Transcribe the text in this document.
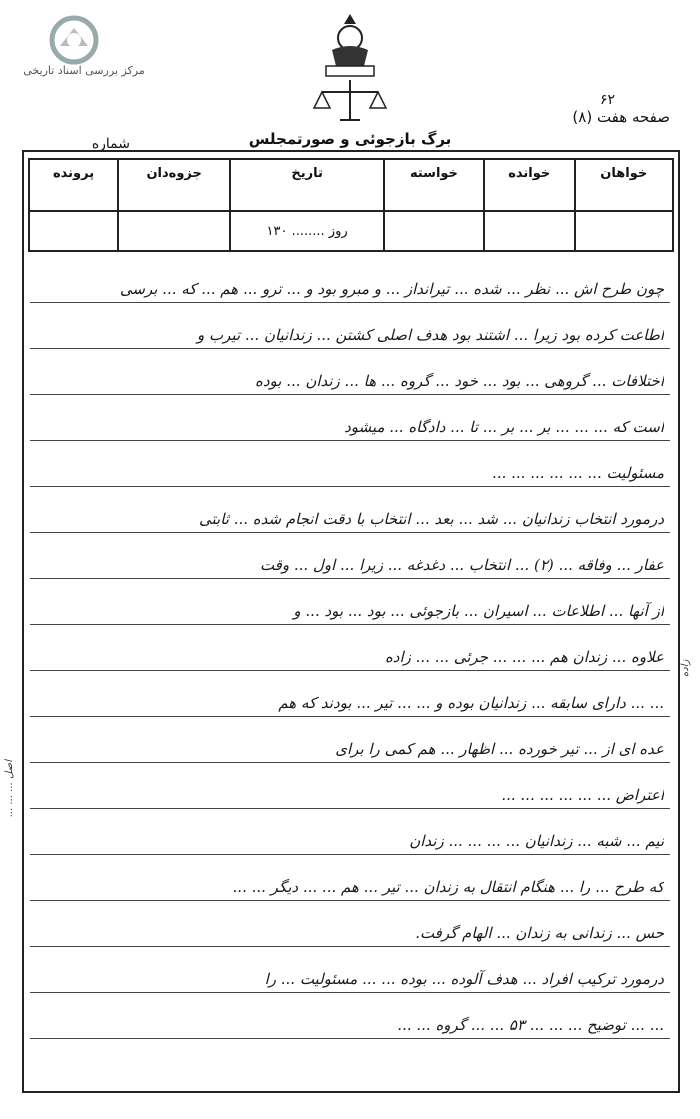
مرکز بررسی اسناد تاریخی
۶۲
صفحه هفت (۸)
برگ بازجوئی و صورتمجلس
شماره
خواهان	خوانده	خواسته	تاریخ	جزوه‌دان	پرونده
			روز ........ ۱۳۰		
چون طرح اش ... نظر ... شده ... تیرانداز ... و مبرو بود و ... ترو ... هم ... که ... برسی
اطاعت کرده بود زیرا ... اشتند بود هدف اصلی کشتن ... زندانیان ... تیرب و
اختلافات ... گروهی ... بود ... خود ... گروه ... ها ... زندان ... بوده
است که ... ... ... بر ... بر ... تا ... دادگاه ... میشود
مسئولیت ... ... ... ... ... ...
درمورد انتخاب زندانیان ... شد ... بعد ... انتخاب با دقت انجام شده ... ثابتی
عفار ... وفاقه ... (۲) ... انتخاب ... دغدغه ... زیرا ... اول ... وقت
از آنها ... اطلاعات ... اسیران ... بازجوئی ... بود ... بود ... و
علاوه ... زندان هم ... ... ... جرئی ... ... زاده
... ... دارای سابقه ... زندانیان بوده و ... ... تیر ... بودند که هم
عده ای از ... تیر خورده ... اظهار ... هم کمی را برای
اعتراض ... ... ... ... ... ...
نیم ... شبه ... زندانیان ... ... ... ... زندان
که طرح ... را ... هنگام انتقال به زندان ... تیر ... هم ... ... دیگر ... ...
حس ... زندانی به زندان ... الهام گرفت.
درمورد ترکیب افراد ... هدف آلوده ... بوده ... ... مسئولیت ... را
... ... توضیح ... ... ... ۵۳ ... ... گروه ... ...
اصل ... ... ...
زاده
